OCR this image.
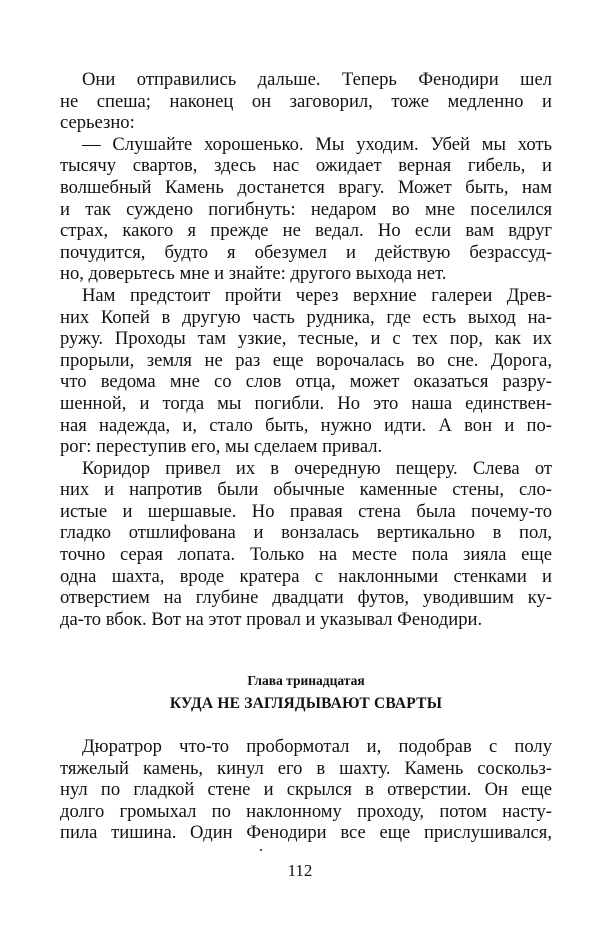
Они отправились дальше. Теперь Фенодири шел
не спеша; наконец он заговорил, тоже медленно и
серьезно:
— Слушайте хорошенько. Мы уходим. Убей мы хоть
тысячу свартов, здесь нас ожидает верная гибель, и
волшебный Камень достанется врагу. Может быть, нам
и так суждено погибнуть: недаром во мне поселился
страх, какого я прежде не ведал. Но если вам вдруг
почудится, будто я обезумел и действую безрассуд-
но, доверьтесь мне и знайте: другого выхода нет.
Нам предстоит пройти через верхние галереи Древ-
них Копей в другую часть рудника, где есть выход на-
ружу. Проходы там узкие, тесные, и с тех пор, как их
прорыли, земля не раз еще ворочалась во сне. Дорога,
что ведома мне со слов отца, может оказаться разру-
шенной, и тогда мы погибли. Но это наша единствен-
ная надежда, и, стало быть, нужно идти. А вон и по-
рог: переступив его, мы сделаем привал.
Коридор привел их в очередную пещеру. Слева от
них и напротив были обычные каменные стены, сло-
истые и шершавые. Но правая стена была почему-то
гладко отшлифована и вонзалась вертикально в пол,
точно серая лопата. Только на месте пола зияла еще
одна шахта, вроде кратера с наклонными стенками и
отверстием на глубине двадцати футов, уводившим ку-
да-то вбок. Вот на этот провал и указывал Фенодири.
Глава тринадцатая
КУДА НЕ ЗАГЛЯДЫВАЮТ СВАРТЫ
Дюратрор что-то пробормотал и, подобрав с полу
тяжелый камень, кинул его в шахту. Камень соскольз-
нул по гладкой стене и скрылся в отверстии. Он еще
долго громыхал по наклонному проходу, потом насту-
пила тишина. Один Фенодири все еще прислушивался,
112
